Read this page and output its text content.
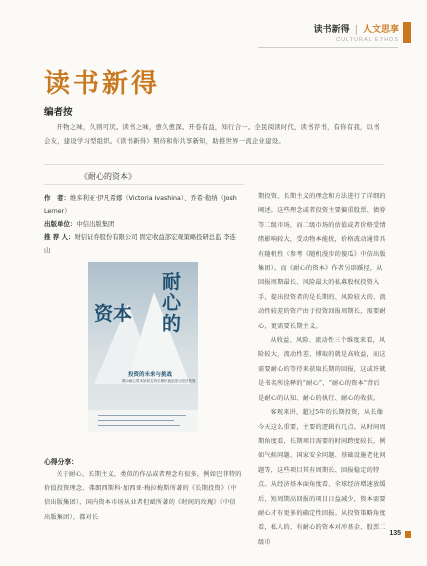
读书新得 | 人文思享
CULTURAL ETHOS
读书新得
编者按
开物之味，久则可厌。读书之味，愈久愈深。开卷有益，知行合一。全民阅读时代，读书荐书，有你有我，以书会友，建设学习型组织。《读书新得》期待和你共享新知，助推世界一流企业建设。
《耐心的资本》
作　者：维多利亚·伊凡希娜（Victoria Ivashina）、乔希·勒纳（Josh Lerner）
出版单位：中信出版集团
推 荐 人：财信证券股份有限公司 固定收益部宏观策略投研总监 李连山
耐心的
资本
投资的未来与挑战
揭示耐心资本如何支持长期价值创造与经济发展
心得分享：
关于耐心、长期主义，类似的作品或者理念有很多，例如巴菲特的价值投资理念、弗朗西斯科·加西亚·梅拉梅斯所著的《长期投资》（中信出版集团）、国内资本市场从业者但斌所著的《时间的玫瑰》（中信出版集团），都对长

期投资、长期主义的理念和方法进行了详细的阐述。这些理念或者投资主要偏重股票、债券等二级市场，而二级市场的估值或者价格受情绪影响较大，受动物本能扰，价格波动通常具有随机性（参考《随机漫步的傻瓜》中信出版集团）。而《耐心的资本》作者另辟蹊径，从回报周期最长、风险最大的私募股权投资入手，提出投资者的是长期的、风险较大的、流动性较差的资产由于投资回报周期长，需要耐心，更需要长期主义。

从收益、风险、流动性三个维度来看，风险较大、流动性差，博取的就是高收益，而这需要耐心的等待来获取长期的回报，这或许就是书名所诠释的“耐心”、“耐心的资本”背后是耐心的认知、耐心的执行、耐心的收获。

客观来讲，超过5年的长期投资，从长像今天这么重要，主要的逻辑有几点。从时间周期角度看，长期项目需要的时间跨度较长，例如气候问题、国家安全问题、基础设施老化问题等，这些项目其有周期长、回报稳定的特点。从经济基本面角度看，全球经济增速放缓后，短周期高回报的项目日益减少，资本需要耐心才有更多的确定性回报。从投资策略角度看，私人的、有耐心的资本对冲基金、股票二级市

135
